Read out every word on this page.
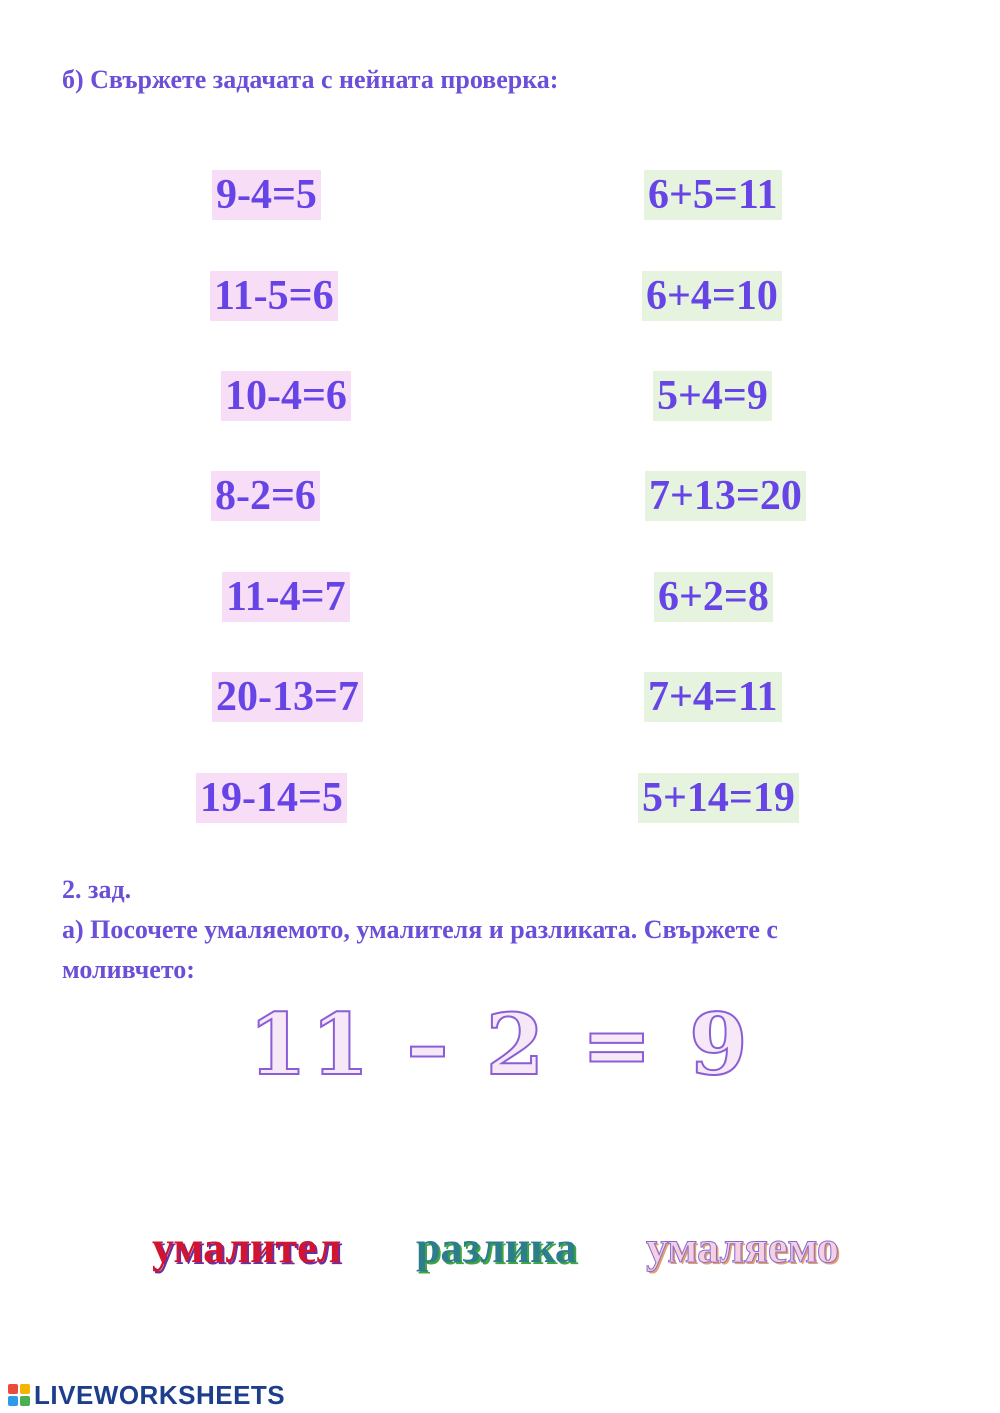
б) Свържете задачата с нейната проверка:

9-4=5
11-5=6
10-4=6
8-2=6
11-4=7
20-13=7
19-14=5
6+5=11
6+4=10
5+4=9
7+13=20
6+2=8
7+4=11
5+14=19

2. зад.

а) Посочете умаляемото, умалителя и разликата. Свържете с

моливчето:

11 – 2 = 9
умалител разлика умаляемо
LIVEWORKSHEETS
